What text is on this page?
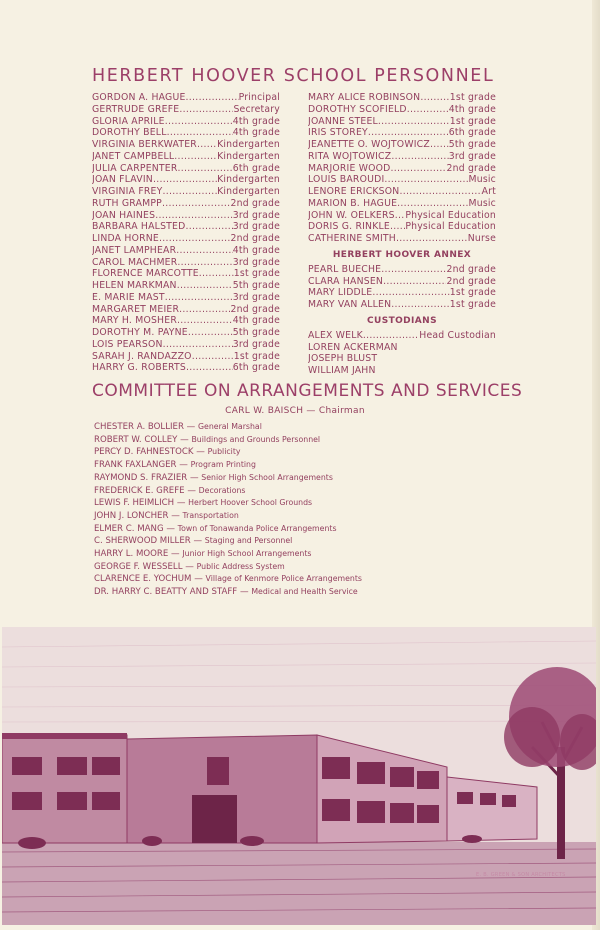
HERBERT HOOVER SCHOOL PERSONNEL
GORDON A. HAGUE .....	Principal
GERTRUDE GREFE .....	Secretary
GLORIA APRILE .....	4th grade
DOROTHY BELL .....	4th grade
VIRGINIA BERKWATER ..... Kindergarten
JANET CAMPBELL .....	Kindergarten
JULIA CARPENTER .....	6th grade
JOAN FLAVIN .....	Kindergarten
VIRGINIA FREY .....	Kindergarten
RUTH GRAMPP .....	2nd grade
JOAN HAINES .....	3rd grade
BARBARA HALSTED .....	3rd grade
LINDA HORNE .....	2nd grade
JANET LAMPHEAR .....	4th grade
CAROL MACHMER .....	3rd grade
FLORENCE MARCOTTE .....	1st grade
HELEN MARKMAN .....	5th grade
E. MARIE MAST .....	3rd grade
MARGARET MEIER .....	2nd grade
MARY H. MOSHER .....	4th grade
DOROTHY M. PAYNE .....	5th grade
LOIS PEARSON .....	3rd grade
SARAH J. RANDAZZO .....	1st grade
HARRY G. ROBERTS .....	6th grade
MARY ALICE ROBINSON .....	1st grade
DOROTHY SCOFIELD .....	4th grade
JOANNE STEEL .....	1st grade
IRIS STOREY .....	6th grade
JEANETTE O. WOJTOWICZ ..... 5th grade
RITA WOJTOWICZ .....	3rd grade
MARJORIE WOOD .....	2nd grade
LOUIS BAROUDI .....	Music
LENORE ERICKSON .....	Art
MARION B. HAGUE .....	Music
JOHN W. OELKERS ..... Physical Education
DORIS G. RINKLE ..... Physical Education
CATHERINE SMITH .....	Nurse
HERBERT HOOVER ANNEX
PEARL BUECHE .....	2nd grade
CLARA HANSEN .....	2nd grade
MARY LIDDLE .....	1st grade
MARY VAN ALLEN .....	1st grade
CUSTODIANS
ALEX WELK .....	Head Custodian
LOREN ACKERMAN
JOSEPH BLUST
WILLIAM JAHN
COMMITTEE ON ARRANGEMENTS AND SERVICES
CARL W. BAISCH — Chairman
CHESTER A. BOLLIER — General Marshal
ROBERT W. COLLEY — Buildings and Grounds Personnel
PERCY D. FAHNESTOCK — Publicity
FRANK FAXLANGER — Program Printing
RAYMOND S. FRAZIER — Senior High School Arrangements
FREDERICK E. GREFE — Decorations
LEWIS F. HEIMLICH — Herbert Hoover School Grounds
JOHN J. LONCHER — Transportation
ELMER C. MANG — Town of Tonawanda Police Arrangements
C. SHERWOOD MILLER — Staging and Personnel
HARRY L. MOORE — Junior High School Arrangements
GEORGE F. WESSELL — Public Address System
CLARENCE E. YOCHUM — Village of Kenmore Police Arrangements
DR. HARRY C. BEATTY AND STAFF — Medical and Health Service
E. B. GREEN & SON ARCHITECTS
